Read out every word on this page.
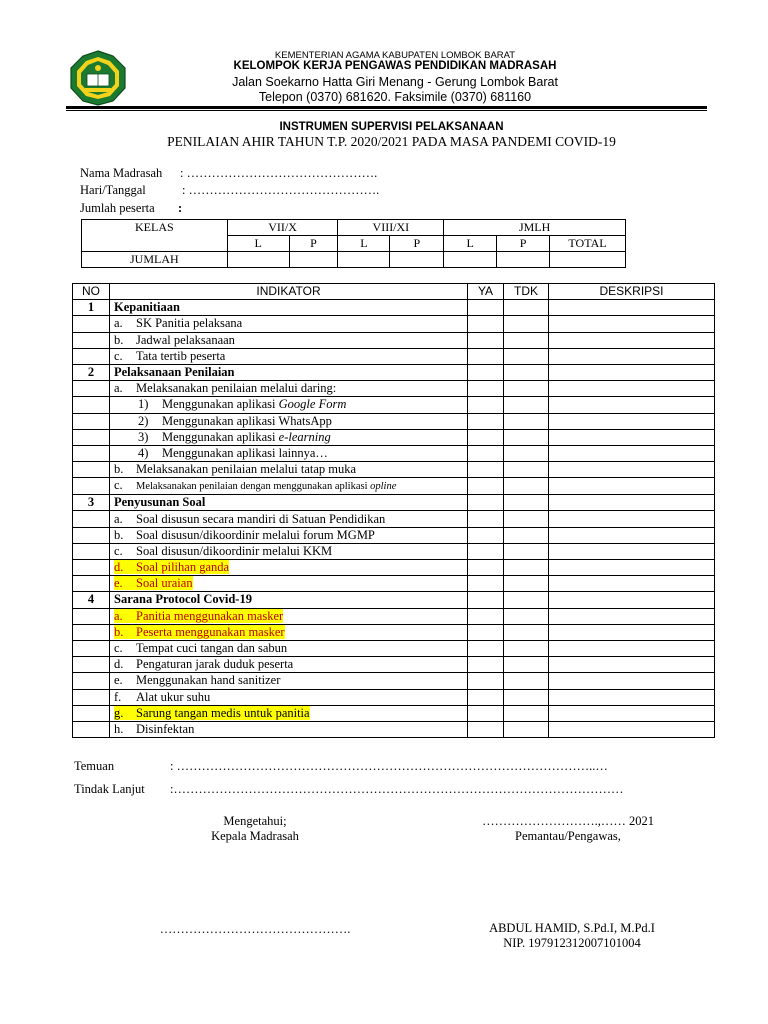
KEMENTERIAN AGAMA KABUPATEN LOMBOK BARAT
KELOMPOK KERJA PENGAWAS PENDIDIKAN MADRASAH
Jalan Soekarno Hatta Giri Menang - Gerung Lombok Barat
Telepon (0370) 681620. Faksimile (0370) 681160
INSTRUMEN SUPERVISI PELAKSANAAN
PENILAIAN AHIR TAHUN T.P. 2020/2021 PADA MASA PANDEMI COVID-19
Nama Madrasah : ……………………………………….
Hari/Tanggal	: ……………………………………….
Jumlah peserta :
KELAS	VII/X		VIII/XI		JMLH		
	L	P	L	P	L	P	TOTAL
JUMLAH							
NO	INDIKATOR	YA	TDK	DESKRIPSI
1	Kepanitiaan			
	a. SK Panitia pelaksana			
	b. Jadwal pelaksanaan			
	c. Tata tertib peserta			
2	Pelaksanaan Penilaian			
	a. Melaksanakan penilaian melalui daring:			
	1) Menggunakan aplikasi Google Form			
	2) Menggunakan aplikasi WhatsApp			
	3) Menggunakan aplikasi e-learning			
	4) Menggunakan aplikasi lainnya…			
	b. Melaksanakan penilaian melalui tatap muka			
	c. Melaksanakan penilaian dengan menggunakan aplikasi opline			
3	Penyusunan Soal			
	a. Soal disusun secara mandiri di Satuan Pendidikan			
	b. Soal disusun/dikoordinir melalui forum MGMP			
	c. Soal disusun/dikoordinir melalui KKM			
	d. Soal pilihan ganda			
	e. Soal uraian			
4	Sarana Protocol Covid-19			
	a. Panitia menggunakan masker			
	b. Peserta menggunakan masker			
	c. Tempat cuci tangan dan sabun			
	d. Pengaturan jarak duduk peserta			
	e. Menggunakan hand sanitizer			
	f. Alat ukur suhu			
	g. Sarung tangan medis untuk panitia			
	h. Disinfektan			
Temuan	: ………………………………………………………………………………………..…
Tindak Lanjut :………………………………………………………………………………………………
Mengetahui;
Kepala Madrasah
……………………….,…… 2021
Pemantau/Pengawas,
……………………………………….	ABDUL HAMID, S.Pd.I, M.Pd.I
NIP. 197912312007101004
